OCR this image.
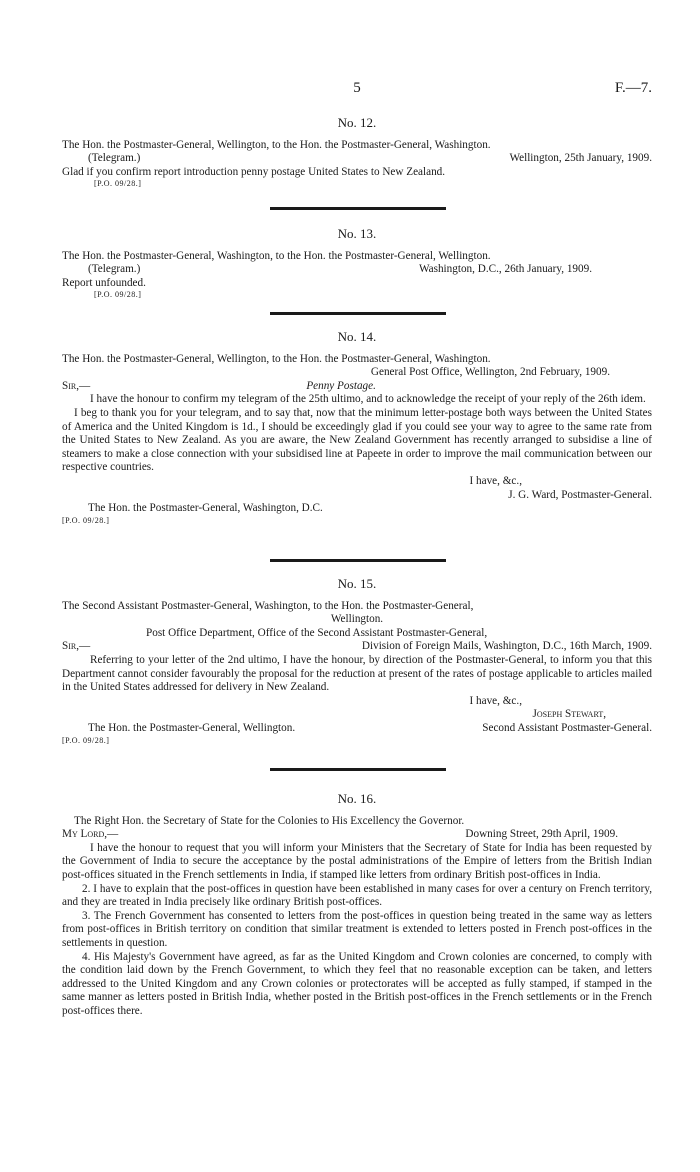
5	F.—7.
No. 12.
The Hon. the Postmaster-General, Wellington, to the Hon. the Postmaster-General, Washington.
(Telegram.)	Wellington, 25th January, 1909.
Glad if you confirm report introduction penny postage United States to New Zealand.
[P.O. 09/28.]
No. 13.
The Hon. the Postmaster-General, Washington, to the Hon. the Postmaster-General, Wellington.
(Telegram.)	Washington, D.C., 26th January, 1909.
Report unfounded.
[P.O. 09/28.]
No. 14.
The Hon. the Postmaster-General, Wellington, to the Hon. the Postmaster-General, Washington.
General Post Office, Wellington, 2nd February, 1909.
Sir,—	Penny Postage.

I have the honour to confirm my telegram of the 25th ultimo, and to acknowledge the receipt of your reply of the 26th idem.

I beg to thank you for your telegram, and to say that, now that the minimum letter-postage both ways between the United States of America and the United Kingdom is 1d., I should be exceedingly glad if you could see your way to agree to the same rate from the United States to New Zealand. As you are aware, the New Zealand Government has recently arranged to subsidise a line of steamers to make a close connection with your subsidised line at Papeete in order to improve the mail communication between our respective countries.

I have, &c.,
J. G. Ward, Postmaster-General.
The Hon. the Postmaster-General, Washington, D.C.
[P.O. 09/28.]
No. 15.
The Second Assistant Postmaster-General, Washington, to the Hon. the Postmaster-General,
Wellington.
Post Office Department, Office of the Second Assistant Postmaster-General,
Sir,—	Division of Foreign Mails, Washington, D.C., 16th March, 1909.

Referring to your letter of the 2nd ultimo, I have the honour, by direction of the Postmaster-General, to inform you that this Department cannot consider favourably the proposal for the reduction at present of the rates of postage applicable to articles mailed in the United States addressed for delivery in New Zealand.

I have, &c.,
Joseph Stewart,
The Hon. the Postmaster-General, Wellington.	Second Assistant Postmaster-General.
[P.O. 09/28.]
No. 16.
The Right Hon. the Secretary of State for the Colonies to His Excellency the Governor.
My Lord,—	Downing Street, 29th April, 1909.

I have the honour to request that you will inform your Ministers that the Secretary of State for India has been requested by the Government of India to secure the acceptance by the postal administrations of the Empire of letters from the British Indian post-offices situated in the French settlements in India, if stamped like letters from ordinary British post-offices in India.

2. I have to explain that the post-offices in question have been established in many cases for over a century on French territory, and they are treated in India precisely like ordinary British post-offices.

3. The French Government has consented to letters from the post-offices in question being treated in the same way as letters from post-offices in British territory on condition that similar treatment is extended to letters posted in French post-offices in the settlements in question.

4. His Majesty's Government have agreed, as far as the United Kingdom and Crown colonies are concerned, to comply with the condition laid down by the French Government, to which they feel that no reasonable exception can be taken, and letters addressed to the United Kingdom and any Crown colonies or protectorates will be accepted as fully stamped, if stamped in the same manner as letters posted in British India, whether posted in the British post-offices in the French settlements or in the French post-offices there.
